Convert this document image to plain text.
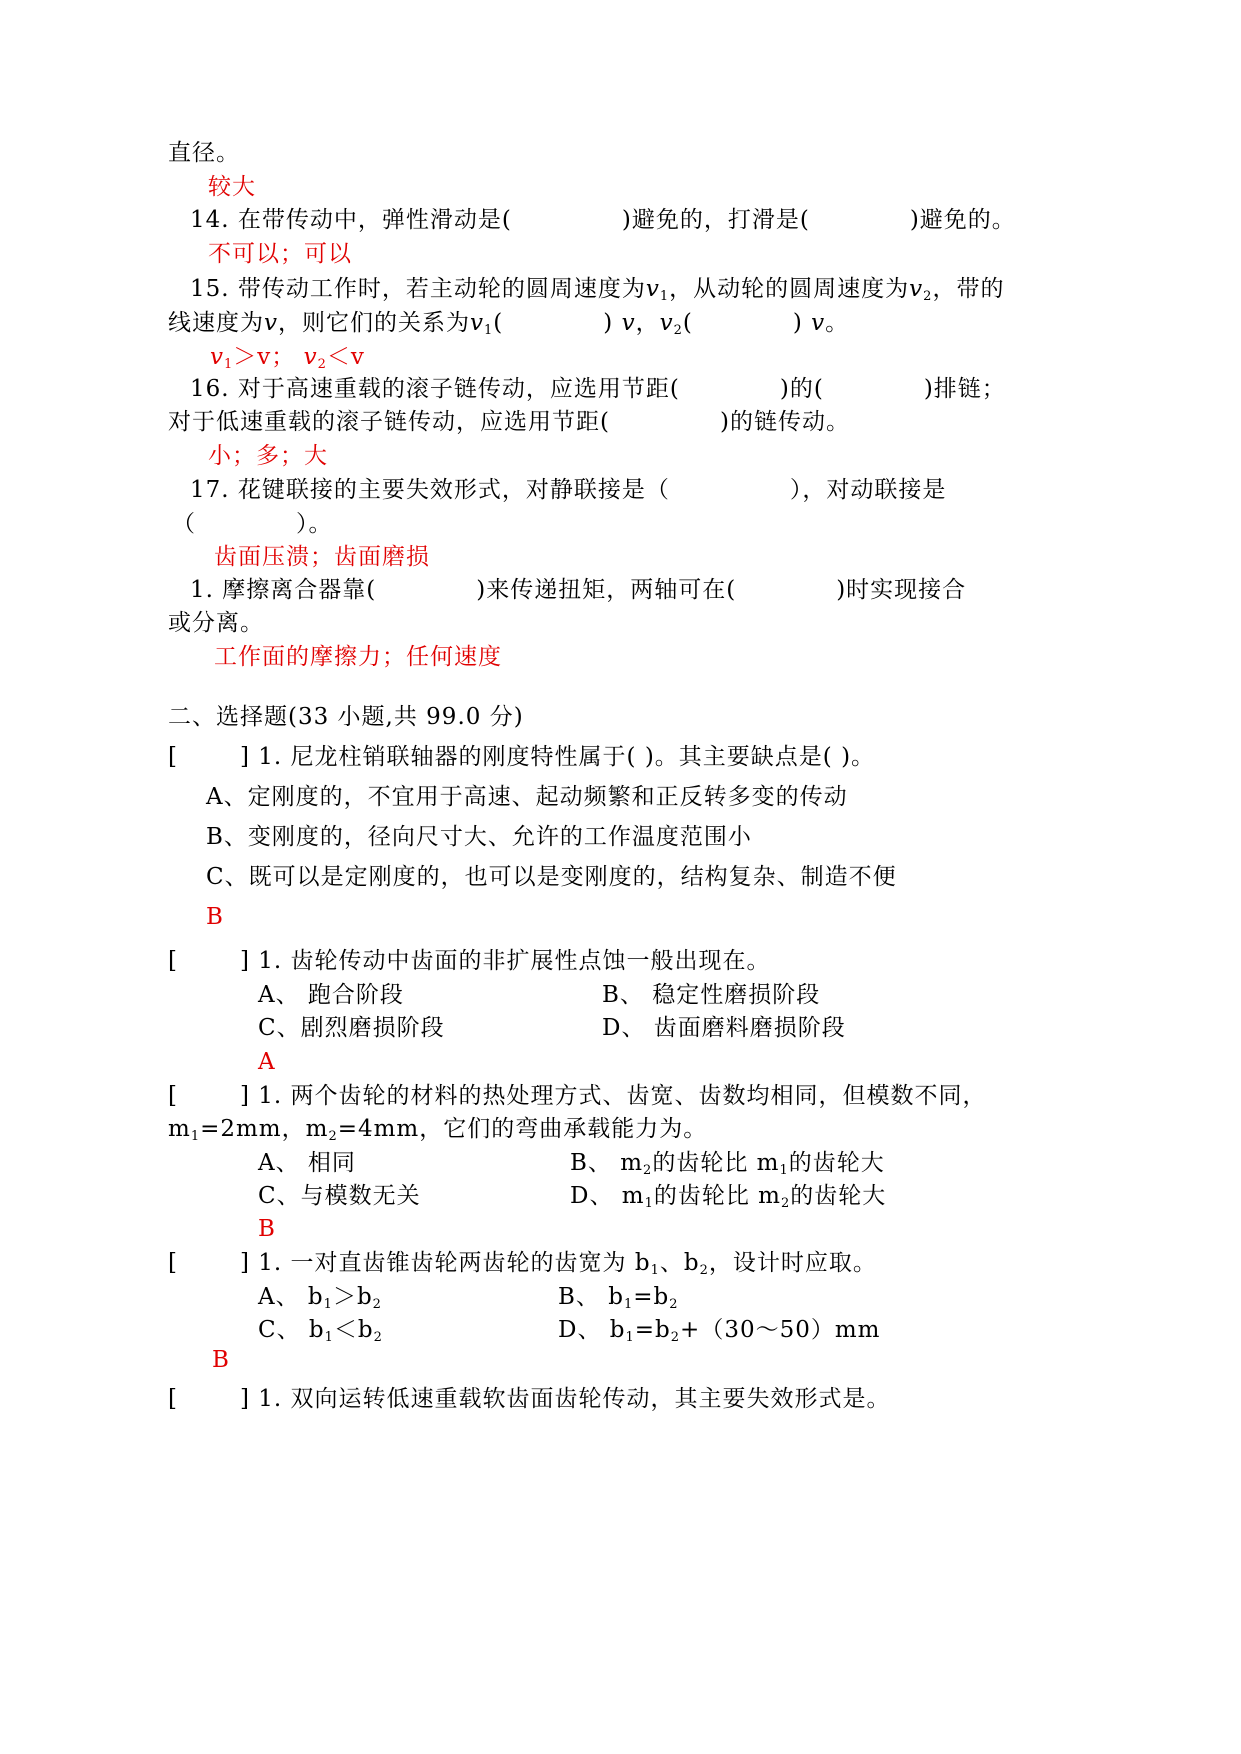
直径。
较大
14. 在带传动中，弹性滑动是(	)避免的，打滑是(	)避免的。
不可以；可以
15. 带传动工作时，若主动轮的圆周速度为$v_1$，从动轮的圆周速度为$v_2$，带的
线速度为v，则它们的关系为$v_1$(	) v，$v_2$(	) v。
$v_1>v$； $v_2<v$
16. 对于高速重载的滚子链传动，应选用节距(	)的(	)排链；
对于低速重载的滚子链传动，应选用节距(	)的链传动。
小；多；大
17. 花键联接的主要失效形式，对静联接是（	），对动联接是
（	）。
齿面压溃；齿面磨损
1. 摩擦离合器靠(	)来传递扭矩，两轴可在(	)时实现接合
或分离。
工作面的摩擦力；任何速度
二、选择题(33 小题,共 99.0 分)
[	] 1. 尼龙柱销联轴器的刚度特性属于( )。其主要缺点是( )。
A、定刚度的，不宜用于高速、起动频繁和正反转多变的传动
B、变刚度的，径向尺寸大、允许的工作温度范围小
C、既可以是定刚度的，也可以是变刚度的，结构复杂、制造不便
B
[	] 1. 齿轮传动中齿面的非扩展性点蚀一般出现在。
A、 跑合阶段	B、 稳定性磨损阶段
C、剧烈磨损阶段	D、 齿面磨料磨损阶段
A
[	] 1. 两个齿轮的材料的热处理方式、齿宽、齿数均相同，但模数不同，
$m_1=2mm$，$m_2=4mm$，它们的弯曲承载能力为。
A、 相同	B、 $m_2$的齿轮比 $m_1$的齿轮大
C、与模数无关	D、 $m_1$的齿轮比 $m_2$的齿轮大
B
[	] 1. 一对直齿锥齿轮两齿轮的齿宽为 $b_1$、$b_2$，设计时应取。
A、 $b_1>b_2$	B、 $b_1=b_2$
C、 $b_1<b_2$	D、 $b_1=b_2+(30\sim 50)mm$
B
[	] 1. 双向运转低速重载软齿面齿轮传动，其主要失效形式是。
